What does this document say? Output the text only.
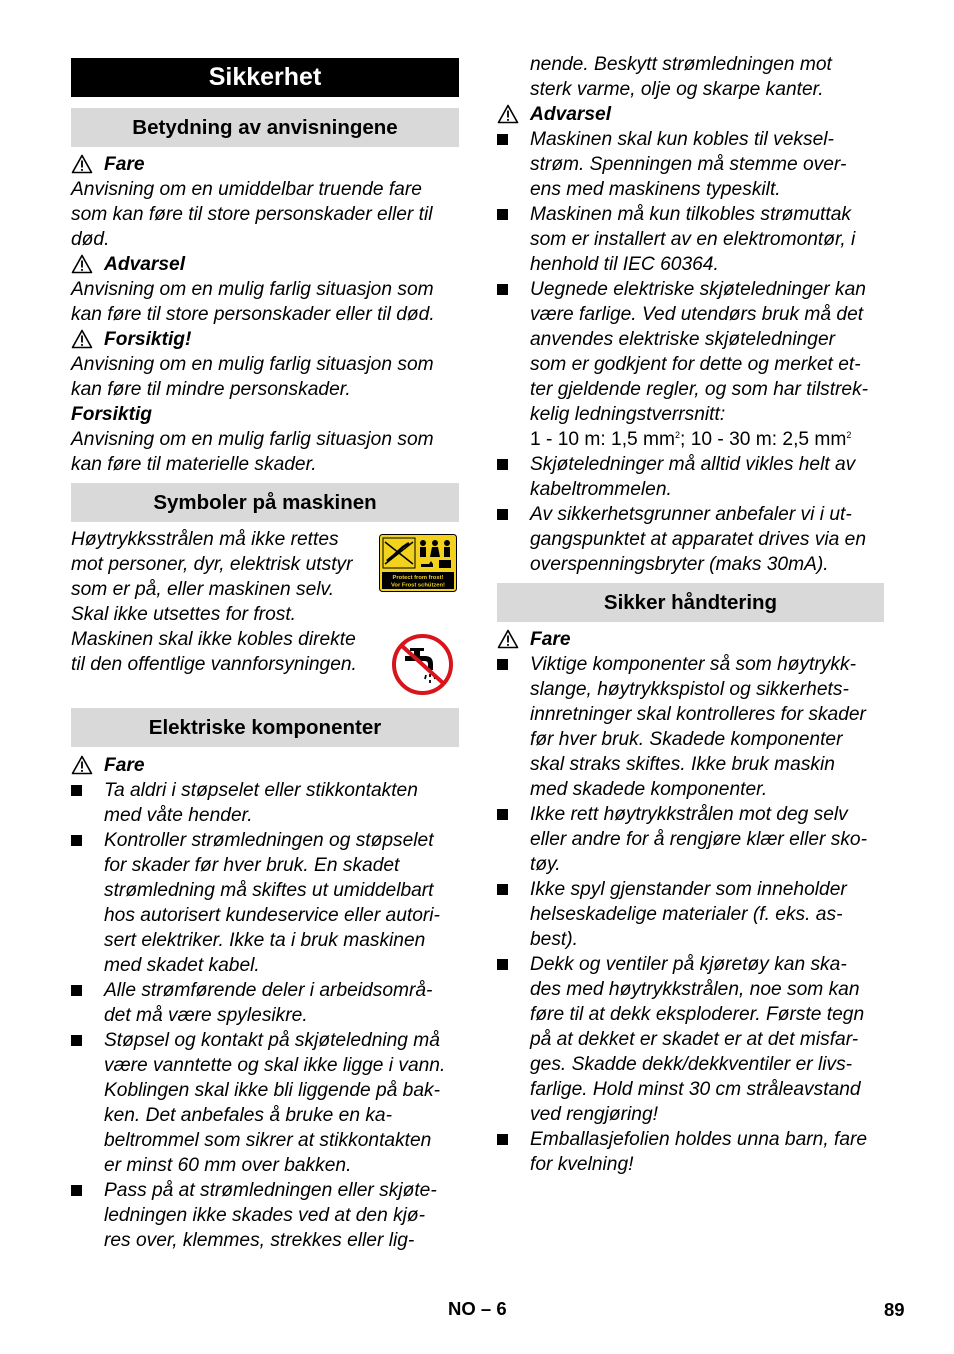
Sikkerhet
Betydning av anvisningene
Fare
Anvisning om en umiddelbar truende fare
som kan føre til store personskader eller til
død.
Advarsel
Anvisning om en mulig farlig situasjon som
kan føre til store personskader eller til død.
Forsiktig!
Anvisning om en mulig farlig situasjon som
kan føre til mindre personskader.
Forsiktig
Anvisning om en mulig farlig situasjon som
kan føre til materielle skader.
Symboler på maskinen
Høytrykksstrålen må ikke rettes
mot personer, dyr, elektrisk utstyr
som er på, eller maskinen selv.
Skal ikke utsettes for frost.
Maskinen skal ikke kobles direkte
til den offentlige vannforsyningen.
Elektriske komponenter
Fare
Ta aldri i støpselet eller stikkontakten
med våte hender.
Kontroller strømledningen og støpselet
for skader før hver bruk. En skadet
strømledning må skiftes ut umiddelbart
hos autorisert kundeservice eller autori-
sert elektriker. Ikke ta i bruk maskinen
med skadet kabel.
Alle strømførende deler i arbeidsområ-
det må være spylesikre.
Støpsel og kontakt på skjøteledning må
være vanntette og skal ikke ligge i vann.
Koblingen skal ikke bli liggende på bak-
ken. Det anbefales å bruke en ka-
beltrommel som sikrer at stikkontakten
er minst 60 mm over bakken.
Pass på at strømledningen eller skjøte-
ledningen ikke skades ved at den kjø-
res over, klemmes, strekkes eller lig-
Protect from frost!
Vor Frost schützen!
nende. Beskytt strømledningen mot
sterk varme, olje og skarpe kanter.
Advarsel
Maskinen skal kun kobles til veksel-
strøm. Spenningen må stemme over-
ens med maskinens typeskilt.
Maskinen må kun tilkobles strømuttak
som er installert av en elektromontør, i
henhold til IEC 60364.
Uegnede elektriske skjøteledninger kan
være farlige. Ved utendørs bruk må det
anvendes elektriske skjøteledninger
som er godkjent for dette og merket et-
ter gjeldende regler, og som har tilstrek-
kelig ledningstverrsnitt:
1 - 10 m: 1,5 $mm^2$; 10 - 30 m: 2,5 $mm^2$
Skjøteledninger må alltid vikles helt av
kabeltrommelen.
Av sikkerhetsgrunner anbefaler vi i ut-
gangspunktet at apparatet drives via en
overspenningsbryter (maks 30mA).
Sikker håndtering
Fare
Viktige komponenter så som høytrykk-
slange, høytrykkspistol og sikkerhets-
innretninger skal kontrolleres for skader
før hver bruk. Skadede komponenter
skal straks skiftes. Ikke bruk maskin
med skadede komponenter.
Ikke rett høytrykkstrålen mot deg selv
eller andre for å rengjøre klær eller sko-
tøy.
Ikke spyl gjenstander som inneholder
helseskadelige materialer (f. eks. as-
best).
Dekk og ventiler på kjøretøy kan ska-
des med høytrykkstrålen, noe som kan
føre til at dekk eksploderer. Første tegn
på at dekket er skadet er at det misfar-
ges. Skadde dekk/dekkventiler er livs-
farlige. Hold minst 30 cm stråleavstand
ved rengjøring!
Emballasjefolien holdes unna barn, fare
for kvelning!
NO – 6	89
